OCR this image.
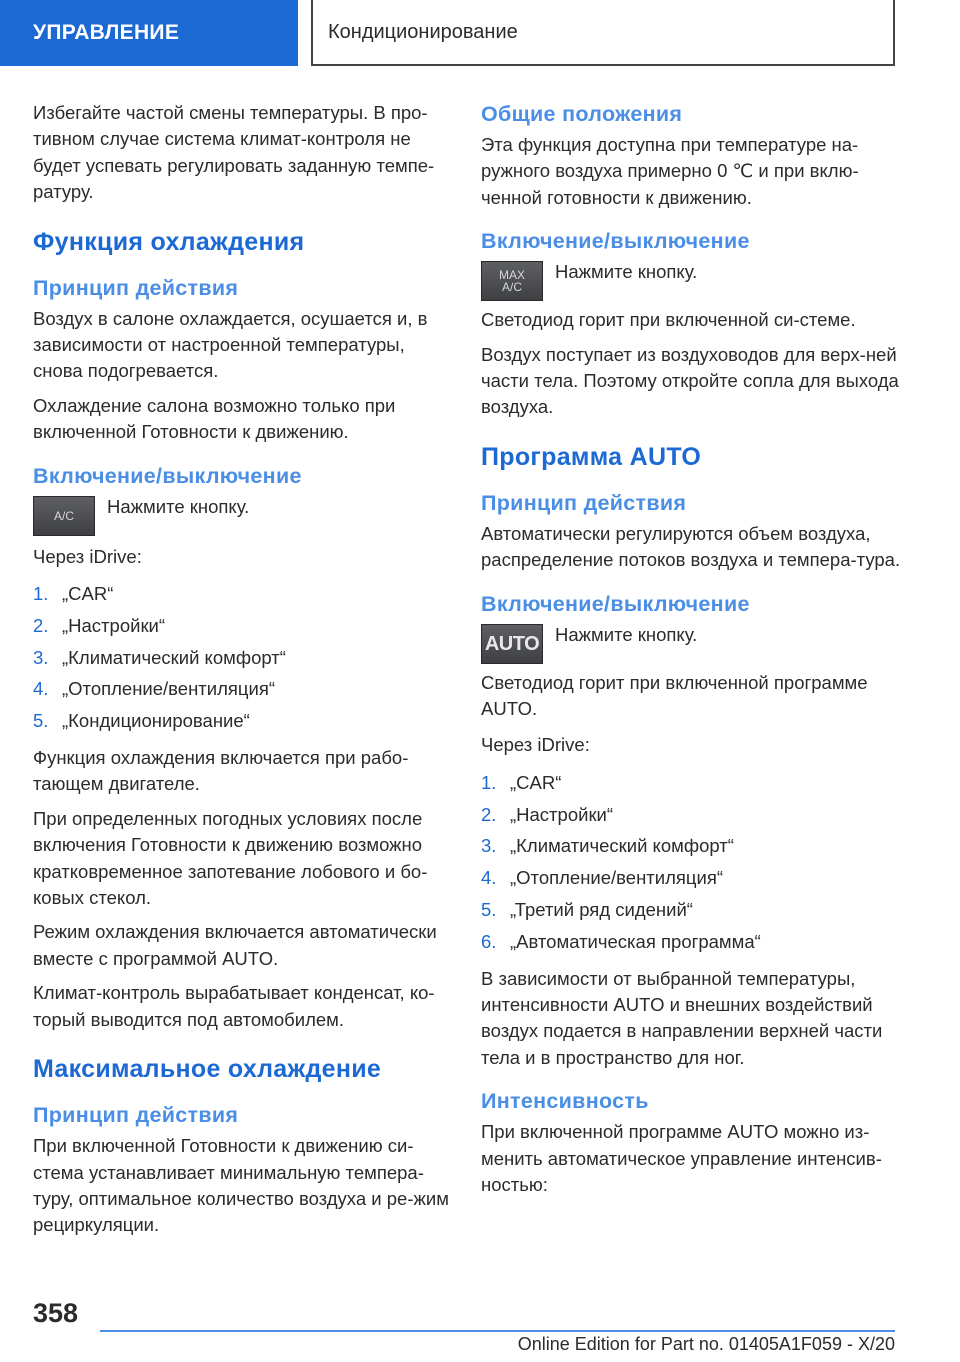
УПРАВЛЕНИЕ	Кондиционирование

Избегайте частой смены температуры. В про-тивном случае система климат-контроля не будет успевать регулировать заданную темпе-ратуру.

Функция охлаждения
Принцип действия

Воздух в салоне охлаждается, осушается и, в зависимости от настроенной температуры, снова подогревается.

Охлаждение салона возможно только при включенной Готовности к движению.

Включение/выключение
A/C Нажмите кнопку.

Через iDrive:

1. „CAR“
2. „Настройки“
3. „Климатический комфорт“
4. „Отопление/вентиляция“
5. „Кондиционирование“

Функция охлаждения включается при рабо-тающем двигателе.

При определенных погодных условиях после включения Готовности к движению возможно кратковременное запотевание лобового и бо-ковых стекол.

Режим охлаждения включается автоматически вместе с программой AUTO.

Климат-контроль вырабатывает конденсат, ко-торый выводится под автомобилем.

Максимальное охлаждение
Принцип действия

При включенной Готовности к движению си-стема устанавливает минимальную темпера-туру, оптимальное количество воздуха и ре-жим рециркуляции.

Общие положения

Эта функция доступна при температуре на-ружного воздуха примерно 0 ℃ и при вклю-ченной готовности к движению.

Включение/выключение
MAX
A/C

Нажмите кнопку.

Светодиод горит при включенной си-стеме.

Воздух поступает из воздуховодов для верх-ней части тела. Поэтому откройте сопла для выхода воздуха.

Программа AUTO
Принцип действия

Автоматически регулируются объем воздуха, распределение потоков воздуха и темпера-тура.

Включение/выключение
AUTO Нажмите кнопку.

Светодиод горит при включенной программе AUTO.

Через iDrive:

1. „CAR“
2. „Настройки“
3. „Климатический комфорт“
4. „Отопление/вентиляция“
5. „Третий ряд сидений“
6. „Автоматическая программа“

В зависимости от выбранной температуры, интенсивности AUTO и внешних воздействий воздух подается в направлении верхней части тела и в пространство для ног.

Интенсивность

При включенной программе AUTO можно из-менить автоматическое управление интенсив-ностью:

358
Online Edition for Part no. 01405A1F059 - X/20
